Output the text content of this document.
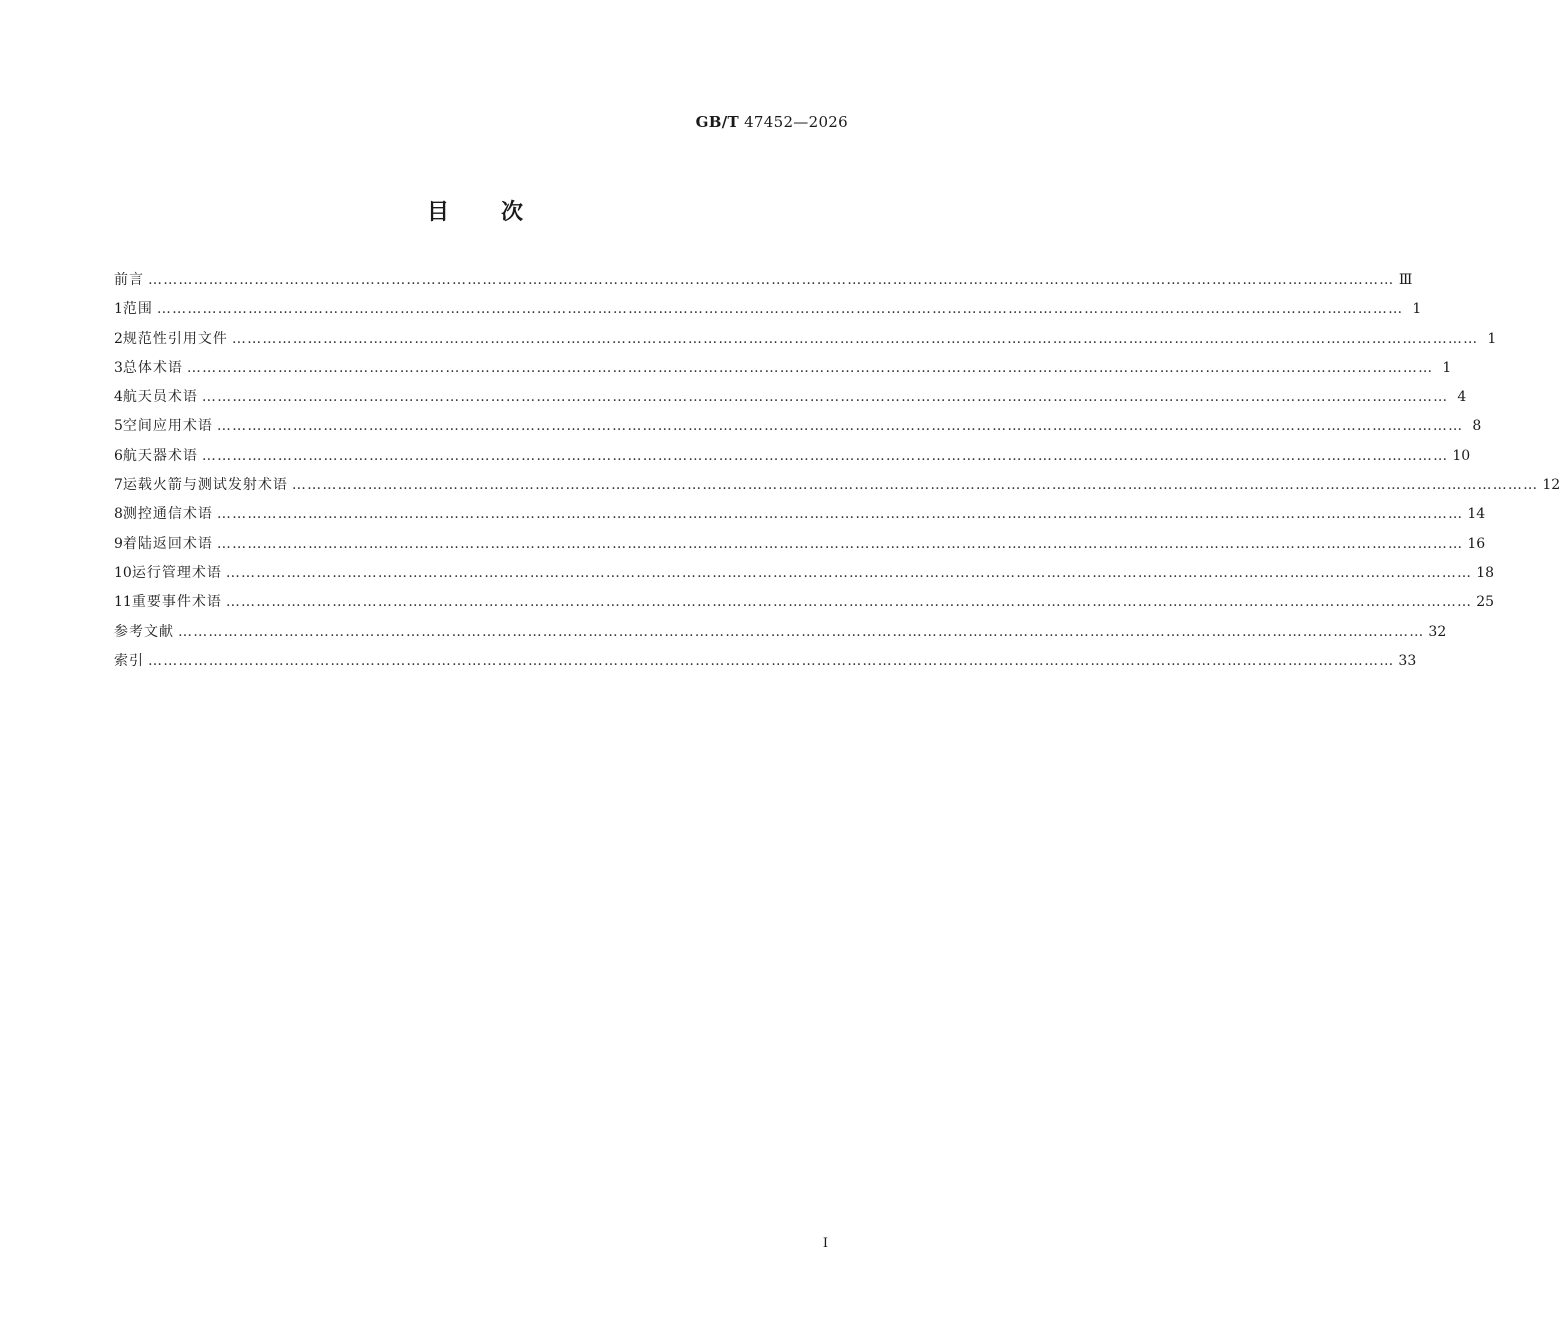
GB/T 47452—2026
目 次
前言 ………………………………………………………………………………………………………………………………………………………………………………………………………………………… Ⅲ
1 范围 ………………………………………………………………………………………………………………………………………………………………………………………………………………………… 1
2 规范性引用文件 ………………………………………………………………………………………………………………………………………………………………………………………………………………………… 1
3 总体术语 ………………………………………………………………………………………………………………………………………………………………………………………………………………………… 1
4 航天员术语 ………………………………………………………………………………………………………………………………………………………………………………………………………………………… 4
5 空间应用术语 ………………………………………………………………………………………………………………………………………………………………………………………………………………………… 8
6 航天器术语 ………………………………………………………………………………………………………………………………………………………………………………………………………………………… 10
7 运载火箭与测试发射术语 ………………………………………………………………………………………………………………………………………………………………………………………………………………………… 12
8 测控通信术语 ………………………………………………………………………………………………………………………………………………………………………………………………………………………… 14
9 着陆返回术语 ………………………………………………………………………………………………………………………………………………………………………………………………………………………… 16
10 运行管理术语 ………………………………………………………………………………………………………………………………………………………………………………………………………………………… 18
11 重要事件术语 ………………………………………………………………………………………………………………………………………………………………………………………………………………………… 25
参考文献 ………………………………………………………………………………………………………………………………………………………………………………………………………………………… 32
索引 ………………………………………………………………………………………………………………………………………………………………………………………………………………………… 33
I
